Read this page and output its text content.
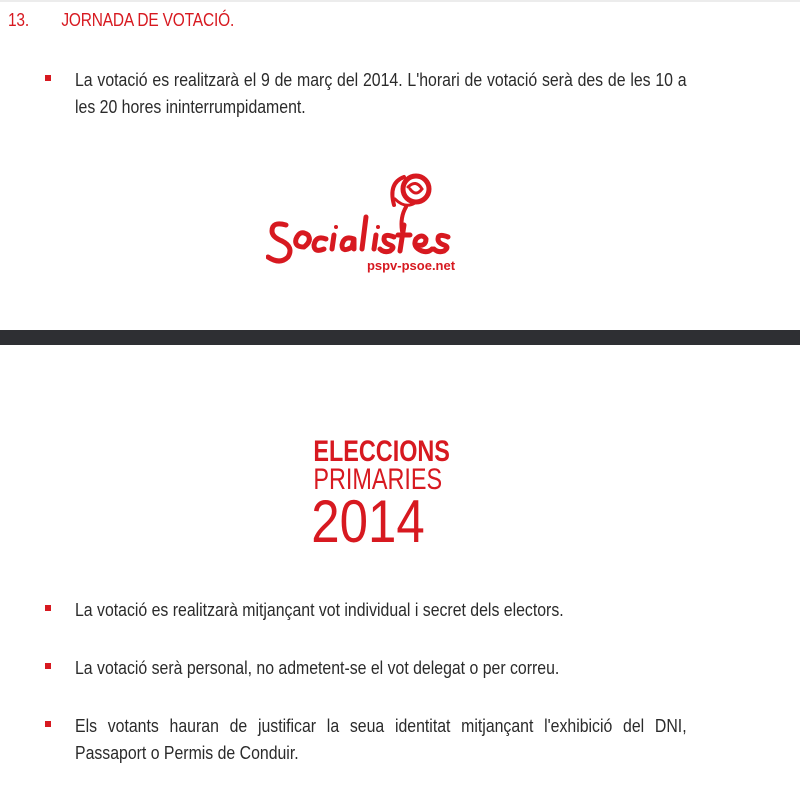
13.	JORNADA DE VOTACIÓ.
La votació es realitzarà el 9 de març del 2014. L'horari de votació serà des de les 10 a les 20 hores ininterrumpidament.
pspv-psoe.net
ELECCIONS
PRIMARIES
2014
La votació es realitzarà mitjançant vot individual i secret dels electors.
La votació serà personal, no admetent-se el vot delegat o per correu.
Els votants hauran de justificar la seua identitat mitjançant l'exhibició del DNI, Passaport o Permis de Conduir.
